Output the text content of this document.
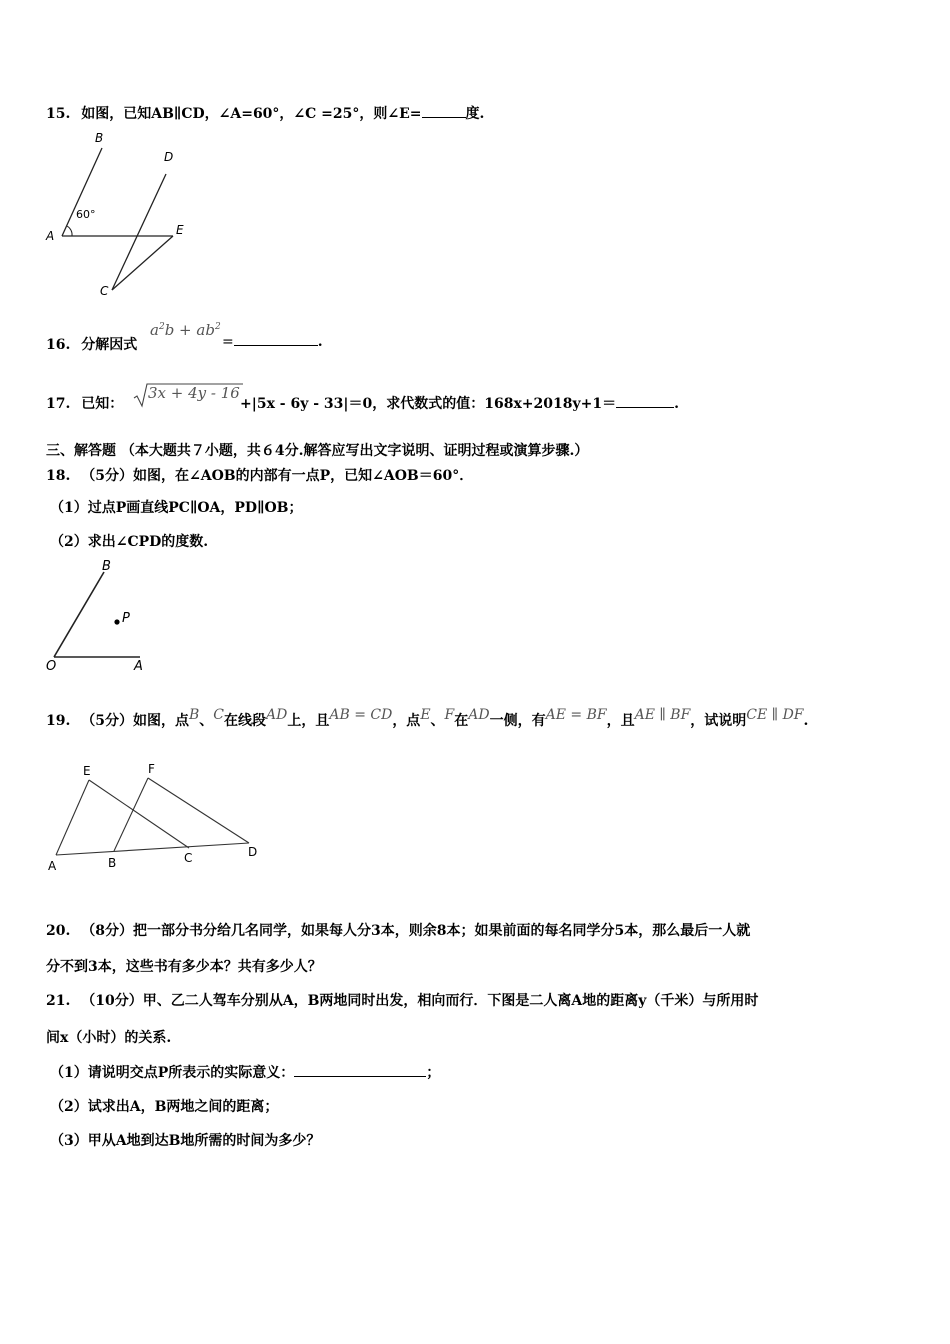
15. 如图，已知AB∥CD，∠A=60°，∠C =25°，则∠E=	度.
B
D
A	E
C
60°
16. 分解因式
$a^2b + ab^2$
=	.
17. 已知：
3x + 4y - 16
+|5x - 6y - 33|＝0，求代数式的值：168x+2018y+1＝	.
三、解答题 （本大题共７小题，共６4分.解答应写出文字说明、证明过程或演算步骤.）
18. （5分）如图，在∠AOB的内部有一点P，已知∠AOB＝60°．
（1）过点P画直线PC∥OA，PD∥OB；
（2）求出∠CPD的度数.
B
P
O	A
19. （5分）如图，点B、C在线段AD上，且AB = CD，点E、F在AD一侧，有AE = BF，且AE ∥ BF，试说明CE ∥ DF.
E	F
A	B	C	D
20. （8分）把一部分书分给几名同学，如果每人分3本，则余8本；如果前面的每名同学分5本，那么最后一人就
分不到3本，这些书有多少本？共有多少人？
21. （10分）甲、乙二人驾车分别从A，B两地同时出发，相向而行．下图是二人离A地的距离y（千米）与所用时
间x（小时）的关系.
（1）请说明交点P所表示的实际意义：	；
（2）试求出A，B两地之间的距离；
（3）甲从A地到达B地所需的时间为多少？
